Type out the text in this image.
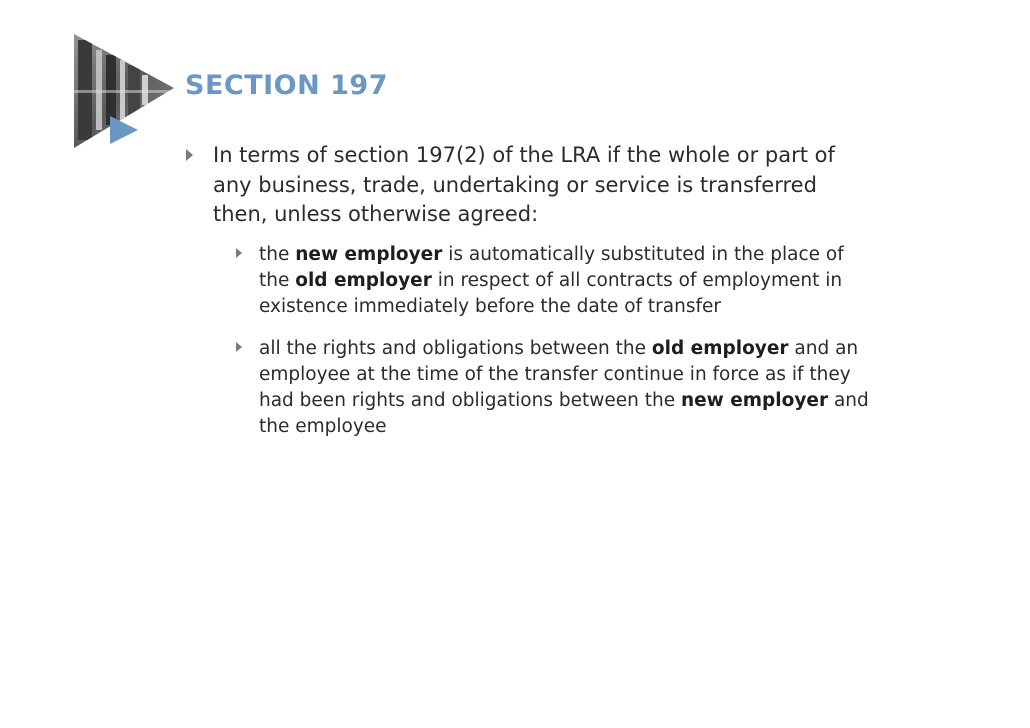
SECTION 197
In terms of section 197(2) of the LRA if the whole or part of any business, trade, undertaking or service is transferred then, unless otherwise agreed:
the new employer is automatically substituted in the place of the old employer in respect of all contracts of employment in existence immediately before the date of transfer
all the rights and obligations between the old employer and an employee at the time of the transfer continue in force as if they had been rights and obligations between the new employer and the employee
